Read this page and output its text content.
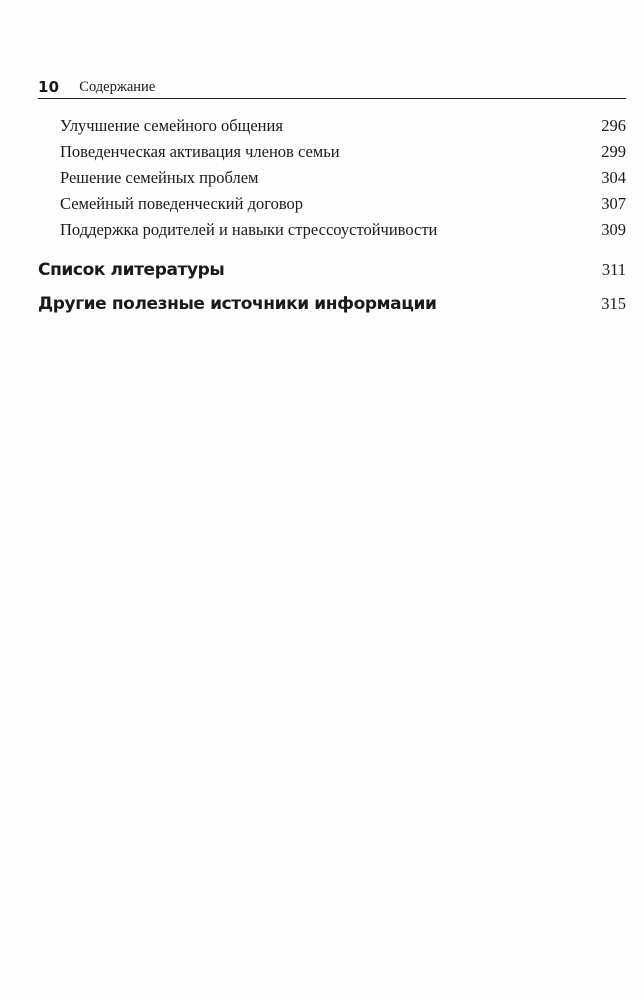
10 Содержание
Улучшение семейного общения	296
Поведенческая активация членов семьи	299
Решение семейных проблем	304
Семейный поведенческий договор	307
Поддержка родителей и навыки стрессоустойчивости	309
Список литературы	311
Другие полезные источники информации	315
